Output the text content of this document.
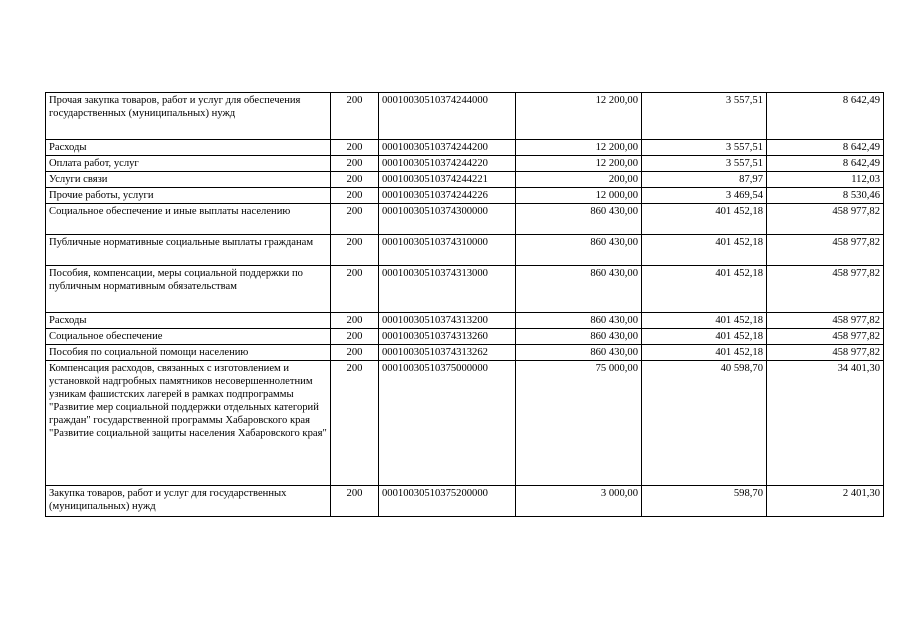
Прочая закупка товаров, работ и услуг для обеспечения государственных (муниципальных) нужд	200	00010030510374244000	12 200,00	3 557,51	8 642,49
Расходы	200	00010030510374244200	12 200,00	3 557,51	8 642,49
Оплата работ, услуг	200	00010030510374244220	12 200,00	3 557,51	8 642,49
Услуги связи	200	00010030510374244221	200,00	87,97	112,03
Прочие работы, услуги	200	00010030510374244226	12 000,00	3 469,54	8 530,46
Социальное обеспечение и иные выплаты населению	200	00010030510374300000	860 430,00	401 452,18	458 977,82
Публичные нормативные социальные выплаты гражданам	200	00010030510374310000	860 430,00	401 452,18	458 977,82
Пособия, компенсации, меры социальной поддержки по публичным нормативным обязательствам	200	00010030510374313000	860 430,00	401 452,18	458 977,82
Расходы	200	00010030510374313200	860 430,00	401 452,18	458 977,82
Социальное обеспечение	200	00010030510374313260	860 430,00	401 452,18	458 977,82
Пособия по социальной помощи населению	200	00010030510374313262	860 430,00	401 452,18	458 977,82
Компенсация расходов, связанных с изготовлением и установкой надгробных памятников несовершеннолетним узникам фашистских лагерей в рамках подпрограммы "Развитие мер социальной поддержки отдельных категорий граждан" государственной программы Хабаровского края "Развитие социальной защиты населения Хабаровского края"	200	00010030510375000000	75 000,00	40 598,70	34 401,30
Закупка товаров, работ и услуг для государственных (муниципальных) нужд	200	00010030510375200000	3 000,00	598,70	2 401,30
